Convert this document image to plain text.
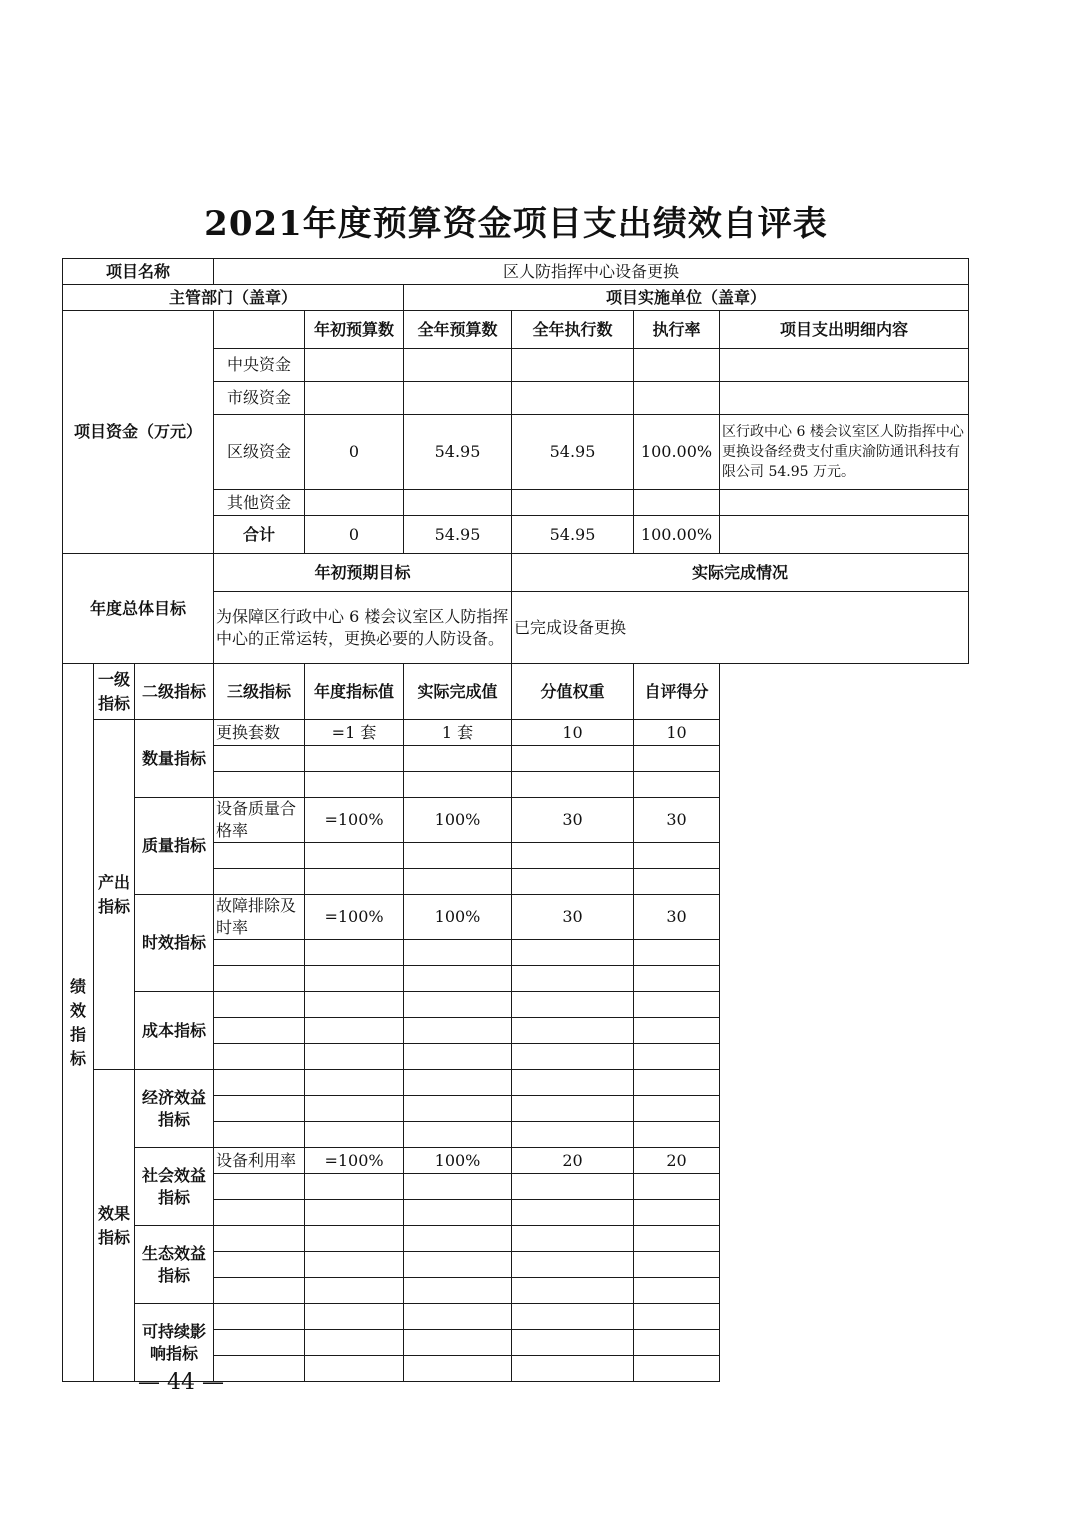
2021年度预算资金项目支出绩效自评表
项目名称			区人防指挥中心设备更换					
主管部门（盖章）					项目实施单位（盖章）			
项目资金（万元）				年初预算数	全年预算数	全年执行数	执行率	项目支出明细内容
			中央资金					
			市级资金					
			区级资金	0	54.95	54.95	100.00%	区行政中心 6 楼会议室区人防指挥中心更换设备经费支付重庆渝防通讯科技有限公司 54.95 万元。
			其他资金					
			合计	0	54.95	54.95	100.00%	
年度总体目标			年初预期目标			实际完成情况		
			为保障区行政中心 6 楼会议室区人防指挥中心的正常运转，更换必要的人防设备。			已完成设备更换		
绩效指标	一级指标	二级指标	三级指标	年度指标值	实际完成值	分值权重	自评得分	
	产出指标	数量指标	更换套数	=1 套	1 套	10	10	

		质量指标	设备质量合格率	=100%	100%	30	30	

		时效指标	故障排除及时率	=100%	100%	30	30	

		成本指标						

	效果指标	经济效益指标						

		社会效益指标	设备利用率	=100%	100%	20	20	

		生态效益指标						

		可持续影响指标						

— 44 —
